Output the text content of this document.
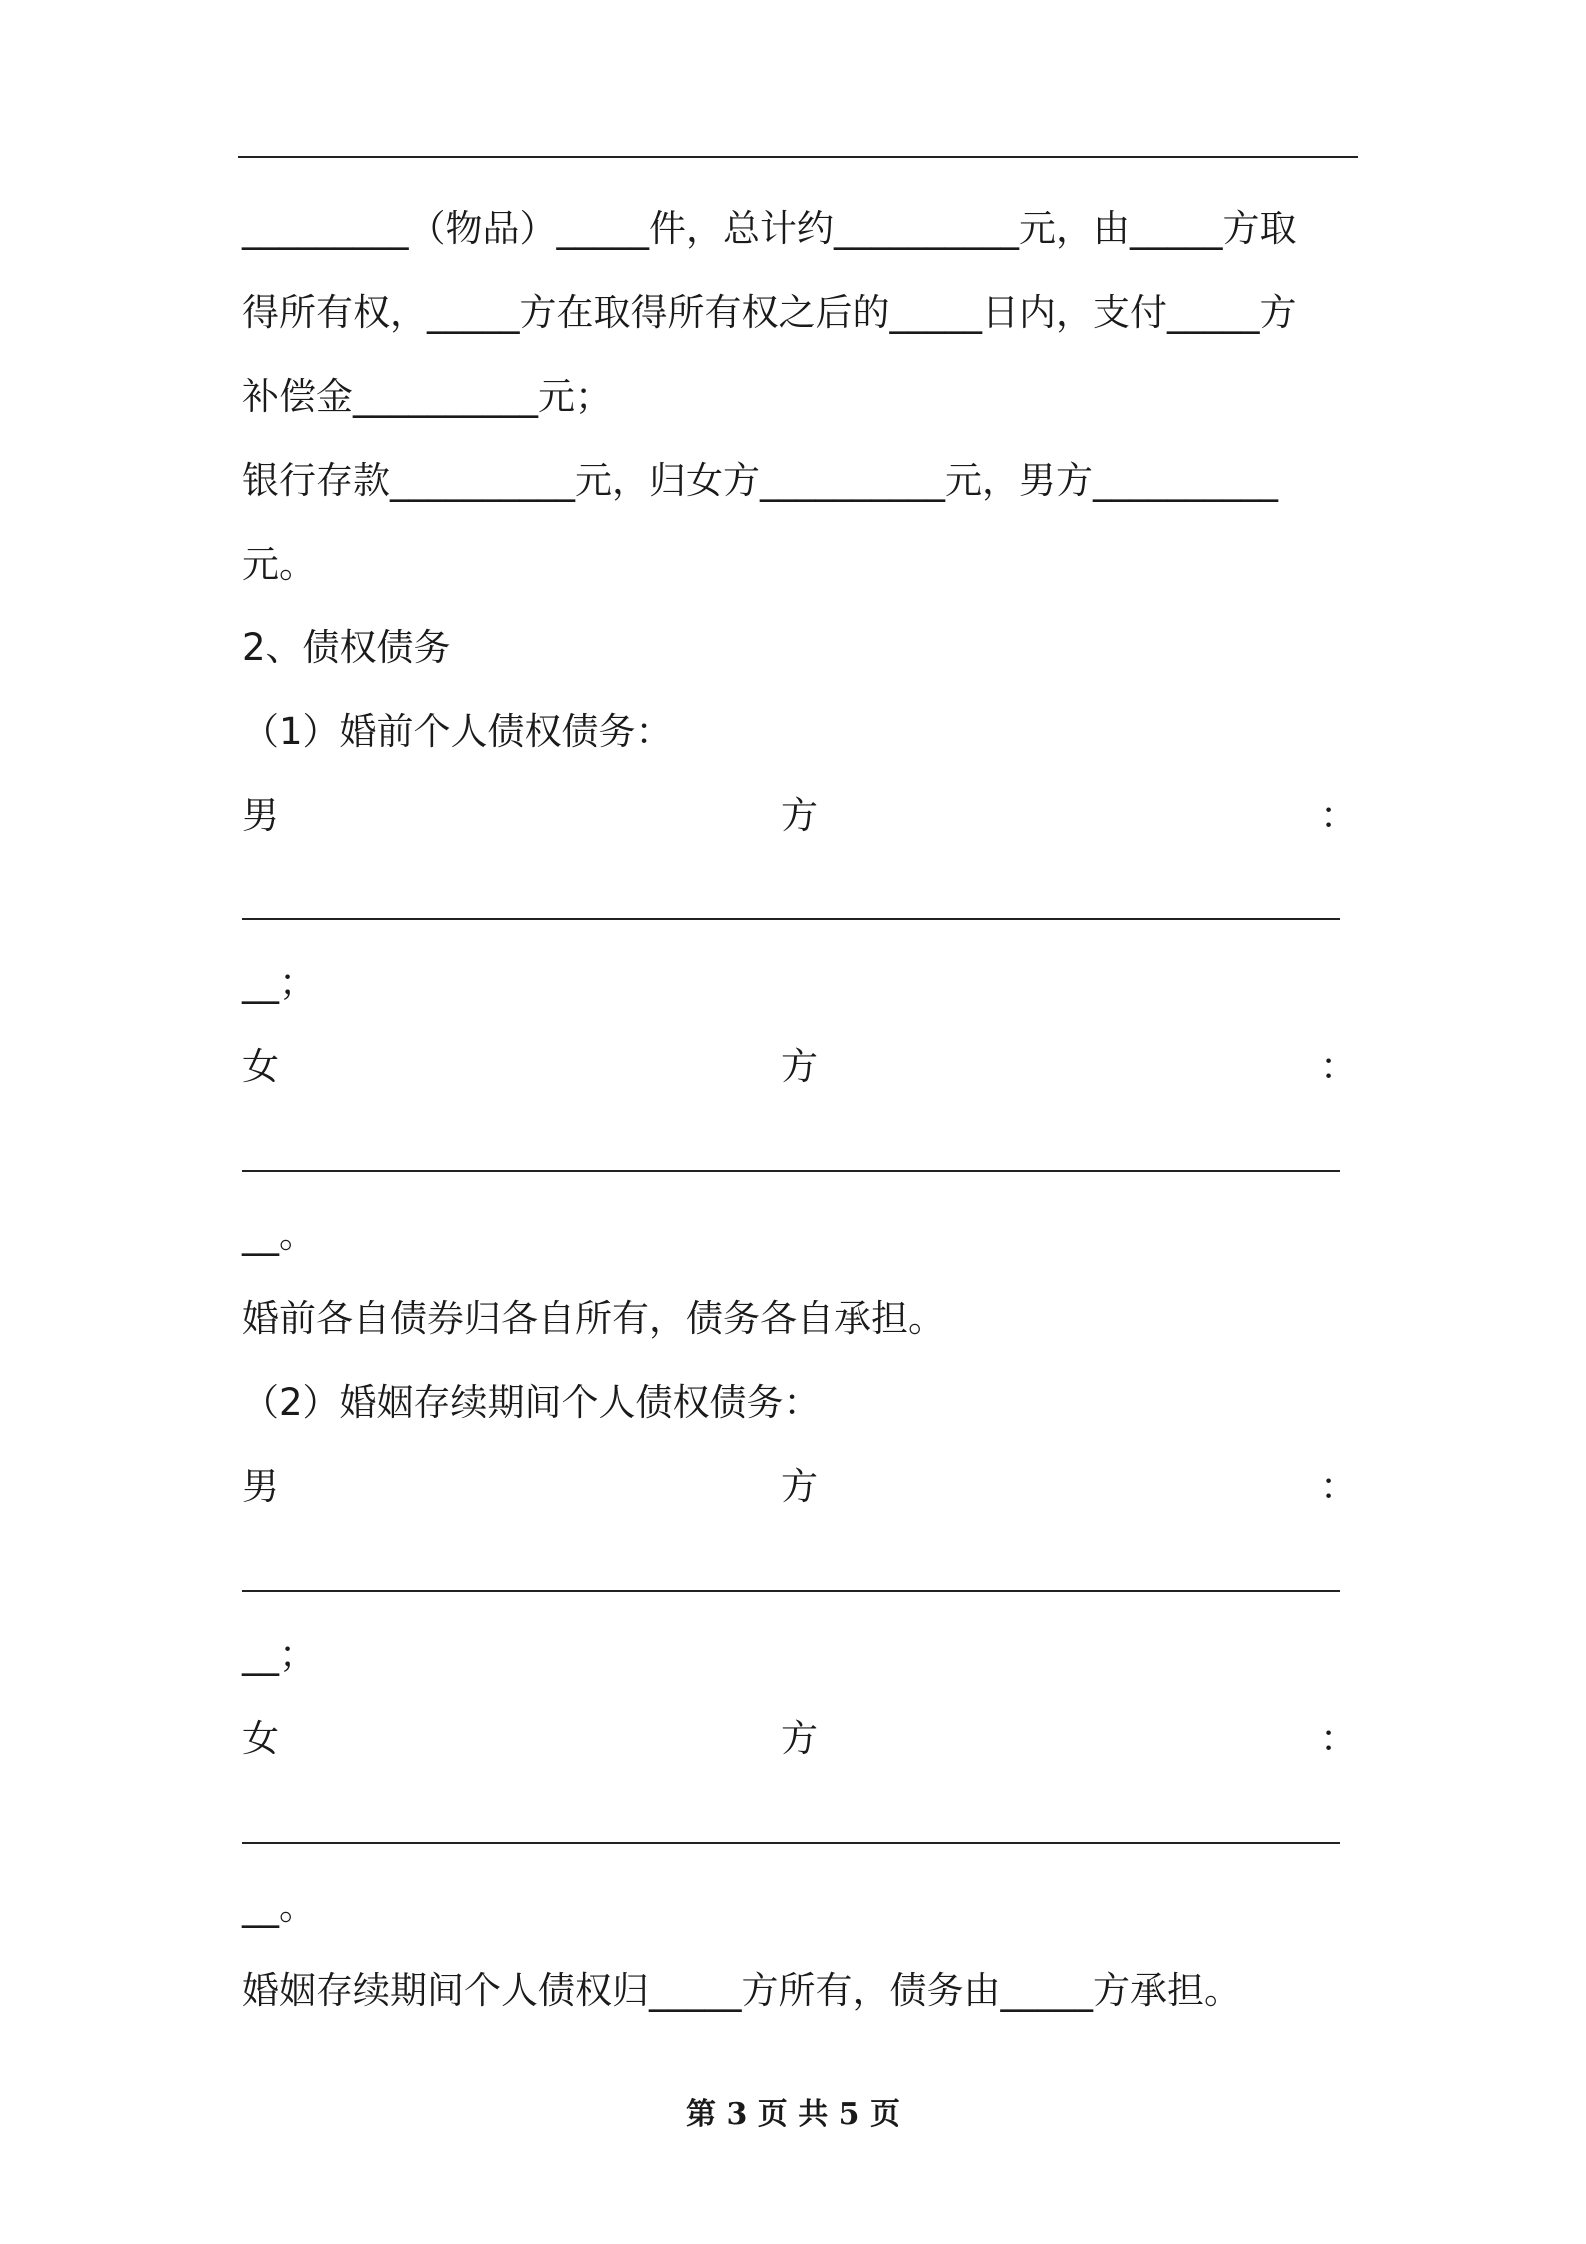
_________（物品）_____件，总计约__________元，由_____方取
得所有权，_____方在取得所有权之后的_____日内，支付_____方
补偿金__________元；
银行存款__________元，归女方__________元，男方__________
元。
2、债权债务
（1）婚前个人债权债务：
男	方	：
__；
女	方	：
__。
婚前各自债券归各自所有，债务各自承担。
（2）婚姻存续期间个人债权债务：
男	方	：
__；
女	方	：
__。
婚姻存续期间个人债权归_____方所有，债务由_____方承担。
第 3 页 共 5 页
